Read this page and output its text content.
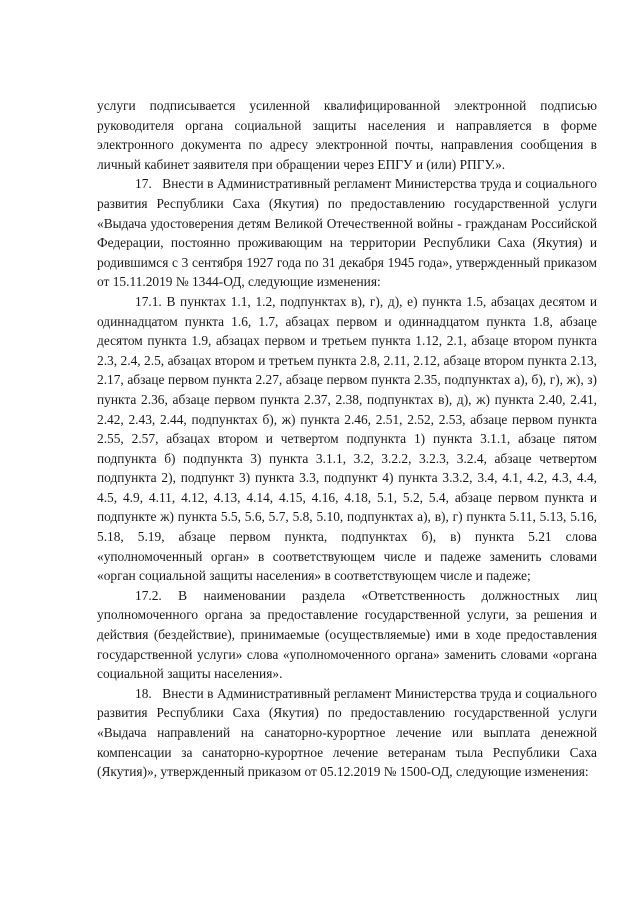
услуги подписывается усиленной квалифицированной электронной подписью руководителя органа социальной защиты населения и направляется в форме электронного документа по адресу электронной почты, направления сообщения в личный кабинет заявителя при обращении через ЕПГУ и (или) РПГУ.».

17.   Внести в Административный регламент Министерства труда и социального развития Республики Саха (Якутия) по предоставлению государственной услуги «Выдача удостоверения детям Великой Отечественной войны - гражданам Российской Федерации, постоянно проживающим на территории Республики Саха (Якутия) и родившимся с 3 сентября 1927 года по 31 декабря 1945 года», утвержденный приказом от 15.11.2019 № 1344-ОД, следующие изменения:

17.1. В пунктах 1.1, 1.2, подпунктах в), г), д), е) пункта 1.5, абзацах десятом и одиннадцатом пункта 1.6, 1.7, абзацах первом и одиннадцатом пункта 1.8, абзаце десятом пункта 1.9, абзацах первом и третьем пункта 1.12, 2.1, абзаце втором пункта 2.3, 2.4, 2.5, абзацах втором и третьем пункта 2.8, 2.11, 2.12, абзаце втором пункта 2.13, 2.17, абзаце первом пункта 2.27, абзаце первом пункта 2.35, подпунктах а), б), г), ж), з) пункта 2.36, абзаце первом пункта 2.37, 2.38, подпунктах в), д), ж) пункта 2.40, 2.41, 2.42, 2.43, 2.44, подпунктах б), ж) пункта 2.46, 2.51, 2.52, 2.53, абзаце первом пункта 2.55, 2.57, абзацах втором и четвертом подпункта 1) пункта 3.1.1, абзаце пятом подпункта б) подпункта 3) пункта 3.1.1, 3.2, 3.2.2, 3.2.3, 3.2.4, абзаце четвертом подпункта 2), подпункт 3) пункта 3.3, подпункт 4) пункта 3.3.2, 3.4, 4.1, 4.2, 4.3, 4.4, 4.5, 4.9, 4.11, 4.12, 4.13, 4.14, 4.15, 4.16, 4.18, 5.1, 5.2, 5.4, абзаце первом пункта и подпункте ж) пункта 5.5, 5.6, 5.7, 5.8, 5.10, подпунктах а), в), г) пункта 5.11, 5.13, 5.16, 5.18, 5.19, абзаце первом пункта, подпунктах б), в) пункта 5.21 слова «уполномоченный орган» в соответствующем числе и падеже заменить словами «орган социальной защиты населения» в соответствующем числе и падеже;

17.2. В наименовании раздела «Ответственность должностных лиц уполномоченного органа за предоставление государственной услуги, за решения и действия (бездействие), принимаемые (осуществляемые) ими в ходе предоставления государственной услуги» слова «уполномоченного органа» заменить словами «органа социальной защиты населения».

18.   Внести в Административный регламент Министерства труда и социального развития Республики Саха (Якутия) по предоставлению государственной услуги «Выдача направлений на санаторно-курортное лечение или выплата денежной компенсации за санаторно-курортное лечение ветеранам тыла Республики Саха (Якутия)», утвержденный приказом от 05.12.2019 № 1500-ОД, следующие изменения:
